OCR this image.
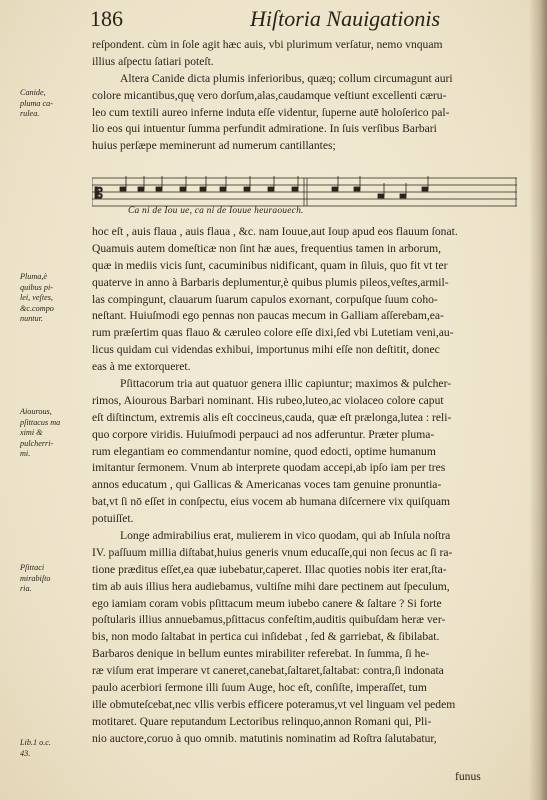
186	Hiſtoria Nauigationis
reſpondent. cùm in ſole agit hæc auis, vbi plurimum verſatur, nemo vnquam
illius aſpectu ſatiari poteſt.
Altera Canide dicta plumis inferioribus, quæq; collum circumagunt auri
colore micantibus,quę vero dorſum,alas,caudamque veſtiunt excellenti cæru-
leo cum textili aureo inferne induta eſſe videntur, ſuperne autē holoſerico pal-
lio eos qui intuentur ſumma perfundit admiratione. In ſuis verſibus Barbari
huius perſæpe meminerunt ad numerum cantillantes;
𝄡
Ca ni de Iou ue, ca ni de Iouue heuraouech.
hoc eſt , auis flaua , auis flaua , &c. nam Iouue,aut Ioup apud eos flauum ſonat.
Quamuis autem domeſticæ non ſint hæ aues, frequentius tamen in arborum,
quæ in mediis vicis ſunt, cacuminibus nidificant, quam in ſiluis, quo fit vt ter
quaterve in anno à Barbaris deplumentur,è quibus plumis pileos,veſtes,armil-
las compingunt, clauarum ſuarum capulos exornant, corpuſque ſuum coho-
neſtant. Huiuſmodi ego pennas non paucas mecum in Galliam aſſerebam,ea-
rum præſertim quas flauo & cæruleo colore eſſe dixi,ſed vbi Lutetiam veni,au-
licus quidam cui videndas exhibui, importunus mihi eſſe non deſtitit, donec
eas à me extorqueret.
Pſittacorum tria aut quatuor genera illic capiuntur; maximos & pulcher-
rimos, Aiourous Barbari nominant. His rubeo,luteo,ac violaceo colore caput
eſt diſtinctum, extremis alis eſt coccineus,cauda, quæ eſt prælonga,lutea : reli-
quo corpore viridis. Huiuſmodi perpauci ad nos adferuntur. Præter pluma-
rum elegantiam eo commendantur nomine, quod edocti, optime humanum
imitantur ſermonem. Vnum ab interprete quodam accepi,ab ipſo iam per tres
annos educatum , qui Gallicas & Americanas voces tam genuine pronuntia-
bat,vt ſi nō eſſet in conſpectu, eius vocem ab humana diſcernere vix quiſquam
potuiſſet.
Longe admirabilius erat, mulierem in vico quodam, qui ab Inſula noſtra
IV. paſſuum millia diſtabat,huius generis vnum educaſſe,qui non ſecus ac ſi ra-
tione præditus eſſet,ea quæ iubebatur,caperet. Illac quoties nobis iter erat,ſta-
tim ab auis illius hera audiebamus, vultiſne mihi dare pectinem aut ſpeculum,
ego iamiam coram vobis pſittacum meum iubebo canere & ſaltare ? Si forte
poſtularis illius annuebamus,pſittacus confeſtim,auditis quibuſdam heræ ver-
bis, non modo ſaltabat in pertica cui inſidebat , ſed & garriebat, & ſibilabat.
Barbaros denique in bellum euntes mirabiliter referebat. In ſumma, ſi he-
ræ viſum erat imperare vt caneret,canebat,ſaltaret,ſaltabat: contra,ſi indonata
paulo acerbiori ſermone illi ſuum Auge, hoc eſt, conſiſte, imperaſſet, tum
ille obmuteſcebat,nec vllis verbis efficere poteramus,vt vel linguam vel pedem
motitaret. Quare reputandum Lectoribus relinquo,annon Romani qui, Pli-
nio auctore,coruo à quo omnib. matutinis nominatim ad Roſtra ſalutabatur,
Canide,
pluma ca-
rulea.
Pluma,è
quibus pi-
lei, veſtes,
&c.compo
nuntur.
Aiourous,
pſittacus ma
ximi &
pulcherri-
mi.
Pſittaci
mirabiſto
ria.
Lib.1 o.c.
43.
funus
